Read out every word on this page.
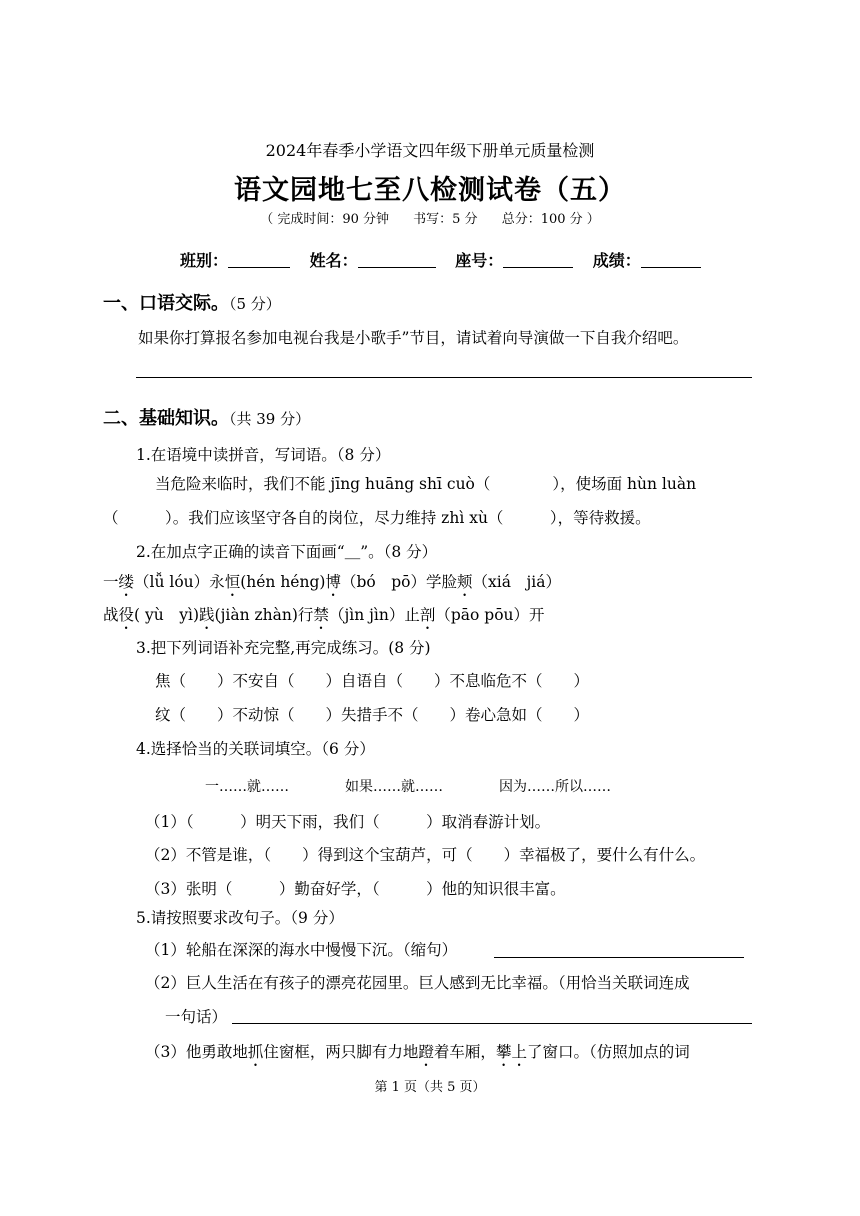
2024年春季小学语文四年级下册单元质量检测
语文园地七至八检测试卷（五）
（ 完成时间：90 分钟 书写：5 分 总分：100 分 ）
班别：	姓名：	座号：	成绩：
一、口语交际。（5 分）
如果你打算报名参加电视台我是小歌手”节目，请试着向导演做一下自我介绍吧。
二、基础知识。（共 39 分）
1.在语境中读拼音，写词语。（8 分）
当危险来临时，我们不能 jīng huāng shī cuò（　　　　），使场面 hùn luàn
（　　　）。我们应该坚守各自的岗位，尽力维持 zhì xù（　　　），等待救援。
2.在加点字正确的读音下面画“＿”。（8 分）
一缕（lǚ lóu）永恒(hén héng)博（bó　pō）学脸颊（xiá　jiá）
战役( yù　yì)践(jiàn zhàn)行禁（jìn jìn）止剖（pāo pōu）开
3.把下列词语补充完整,再完成练习。(8 分)
焦（　　）不安自（　　）自语自（　　）不息临危不（　　）
纹（　　）不动惊（　　）失措手不（　　）卷心急如（　　）
4.选择恰当的关联词填空。（6 分）
一……就……	如果……就……	因为……所以……
（1）（　　　）明天下雨，我们（　　　）取消春游计划。
（2）不管是谁，（　　）得到这个宝葫芦，可（　　）幸福极了，要什么有什么。
（3）张明（　　　）勤奋好学，（　　　）他的知识很丰富。
5.请按照要求改句子。（9 分）
（1）轮船在深深的海水中慢慢下沉。（缩句）
（2）巨人生活在有孩子的漂亮花园里。巨人感到无比幸福。（用恰当关联词连成
一句话）
（3）他勇敢地抓住窗框，两只脚有力地蹬着车厢，攀上了窗口。（仿照加点的词
第 1 页（共 5 页）
